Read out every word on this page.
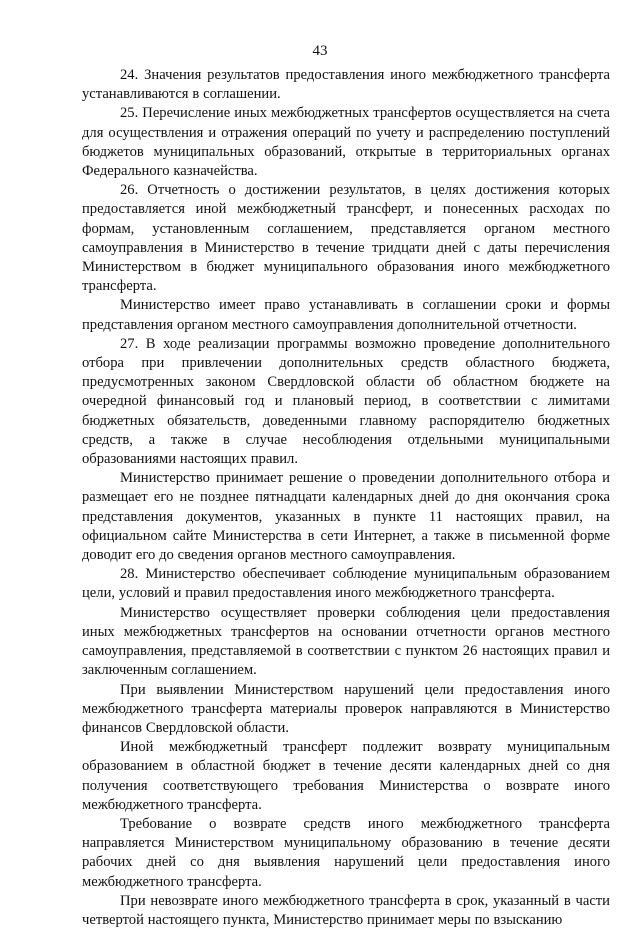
43

24. Значения результатов предоставления иного межбюджетного трансферта устанавливаются в соглашении.

25. Перечисление иных межбюджетных трансфертов осуществляется на счета для осуществления и отражения операций по учету и распределению поступлений бюджетов муниципальных образований, открытые в территориальных органах Федерального казначейства.

26. Отчетность о достижении результатов, в целях достижения которых предоставляется иной межбюджетный трансферт, и понесенных расходах по формам, установленным соглашением, представляется органом местного самоуправления в Министерство в течение тридцати дней с даты перечисления Министерством в бюджет муниципального образования иного межбюджетного трансферта.

Министерство имеет право устанавливать в соглашении сроки и формы представления органом местного самоуправления дополнительной отчетности.

27. В ходе реализации программы возможно проведение дополнительного отбора при привлечении дополнительных средств областного бюджета, предусмотренных законом Свердловской области об областном бюджете на очередной финансовый год и плановый период, в соответствии с лимитами бюджетных обязательств, доведенными главному распорядителю бюджетных средств, а также в случае несоблюдения отдельными муниципальными образованиями настоящих правил.

Министерство принимает решение о проведении дополнительного отбора и размещает его не позднее пятнадцати календарных дней до дня окончания срока представления документов, указанных в пункте 11 настоящих правил, на официальном сайте Министерства в сети Интернет, а также в письменной форме доводит его до сведения органов местного самоуправления.

28. Министерство обеспечивает соблюдение муниципальным образованием цели, условий и правил предоставления иного межбюджетного трансферта.

Министерство осуществляет проверки соблюдения цели предоставления иных межбюджетных трансфертов на основании отчетности органов местного самоуправления, представляемой в соответствии с пунктом 26 настоящих правил и заключенным соглашением.

При выявлении Министерством нарушений цели предоставления иного межбюджетного трансферта материалы проверок направляются в Министерство финансов Свердловской области.

Иной межбюджетный трансферт подлежит возврату муниципальным образованием в областной бюджет в течение десяти календарных дней со дня получения соответствующего требования Министерства о возврате иного межбюджетного трансферта.

Требование о возврате средств иного межбюджетного трансферта направляется Министерством муниципальному образованию в течение десяти рабочих дней со дня выявления нарушений цели предоставления иного межбюджетного трансферта.

При невозврате иного межбюджетного трансферта в срок, указанный в части четвертой настоящего пункта, Министерство принимает меры по взысканию
